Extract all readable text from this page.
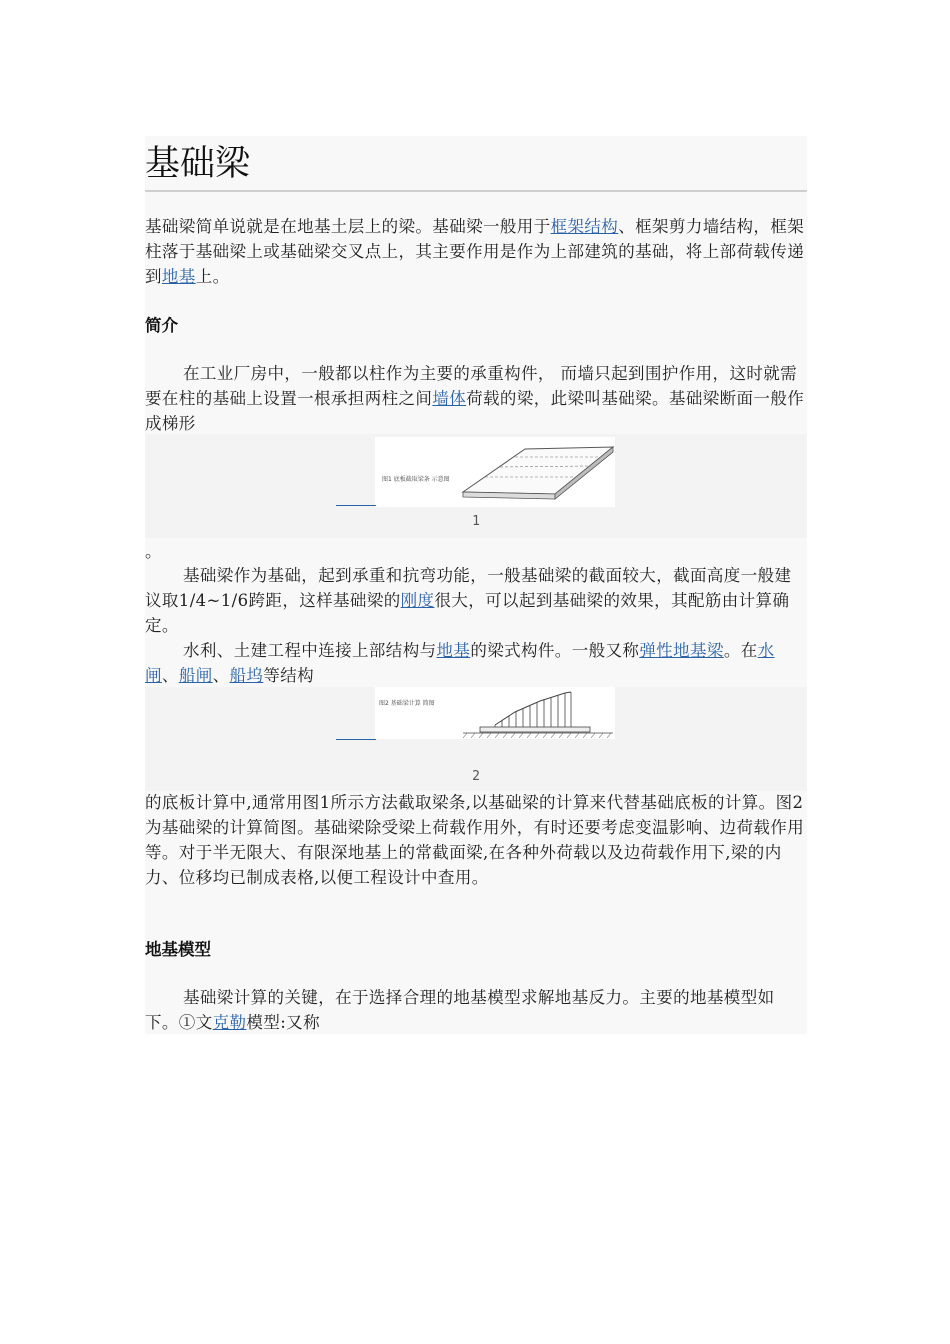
基础梁

基础梁简单说就是在地基土层上的梁。基础梁一般用于框架结构、框架剪力墙结构，框架柱落于基础梁上或基础梁交叉点上，其主要作用是作为上部建筑的基础，将上部荷载传递到地基上。

简介

在工业厂房中，一般都以柱作为主要的承重构件， 而墙只起到围护作用，这时就需要在柱的基础上设置一根承担两柱之间墙体荷载的梁，此梁叫基础梁。基础梁断面一般作成梯形

图1 底板截取梁条 示意图
1

。

基础梁作为基础，起到承重和抗弯功能，一般基础梁的截面较大，截面高度一般建议取1/4~1/6跨距，这样基础梁的刚度很大，可以起到基础梁的效果，其配筋由计算确定。

水利、土建工程中连接上部结构与地基的梁式构件。一般又称弹性地基梁。在水闸、船闸、船坞等结构

图2 基础梁计算 简图
2

的底板计算中,通常用图1所示方法截取梁条,以基础梁的计算来代替基础底板的计算。图2为基础梁的计算简图。基础梁除受梁上荷载作用外，有时还要考虑变温影响、边荷载作用等。对于半无限大、有限深地基上的常截面梁,在各种外荷载以及边荷载作用下,梁的内力、位移均已制成表格,以便工程设计中查用。

地基模型

基础梁计算的关键，在于选择合理的地基模型求解地基反力。主要的地基模型如下。①文克勒模型:又称
